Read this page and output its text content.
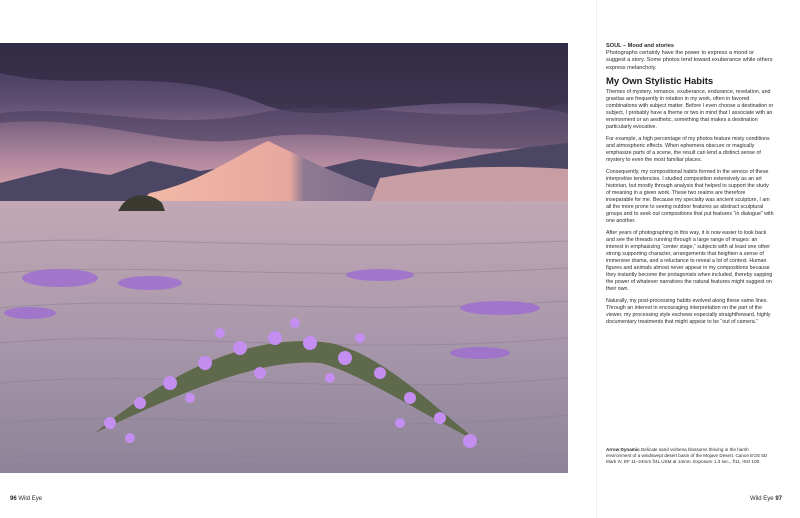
SOUL – Mood and stories

Photographs certainly have the power to express a mood or suggest a story. Some photos tend toward exuberance while others express melancholy.

My Own Stylistic Habits

Themes of mystery, romance, exuberance, endurance, revelation, and gravitas are frequently in rotation in my work, often in favored combinations with subject matter. Before I even choose a destination or subject, I probably have a theme or two in mind that I associate with an environment or an aesthetic, something that makes a destination particularly evocative.

For example, a high percentage of my photos feature misty conditions and atmospheric effects. When ephemera obscure or magically emphasize parts of a scene, the result can lend a distinct sense of mystery to even the most familiar places.

Consequently, my compositional habits formed in the service of these interpretive tendencies. I studied composition extensively as an art historian, but mostly through analysis that helped to support the study of meaning in a given work. These two realms are therefore inseparable for me. Because my specialty was ancient sculpture, I am all the more prone to seeing outdoor features as abstract sculptural groups and to seek out compositions that put features “in dialogue” with one another.

After years of photographing in this way, it is now easier to look back and see the threads running through a large range of images: an interest in emphasizing “center stage,” subjects with at least one other strong supporting character, arrangements that heighten a sense of immersive drama, and a reluctance to reveal a lot of context. Human figures and animals almost never appear in my compositions because they instantly become the protagonists when included, thereby sapping the power of whatever narratives the natural features might suggest on their own.

Naturally, my post-processing habits evolved along these same lines. Through an interest in encouraging interpretation on the part of the viewer, my processing style eschews especially straightforward, highly documentary treatments that might appear to be “out of camera.”

Arrow Dynamic Delicate sand verbena blossoms thriving in the harsh environment of a windswept desert basin of the Mojave Desert. Canon EOS 5D Mark IV, EF 11–24mm f/4L USM at 14mm. Exposure 1.3 sec., f/11, ISO 100.

96 Wild Eye	Wild Eye 97
